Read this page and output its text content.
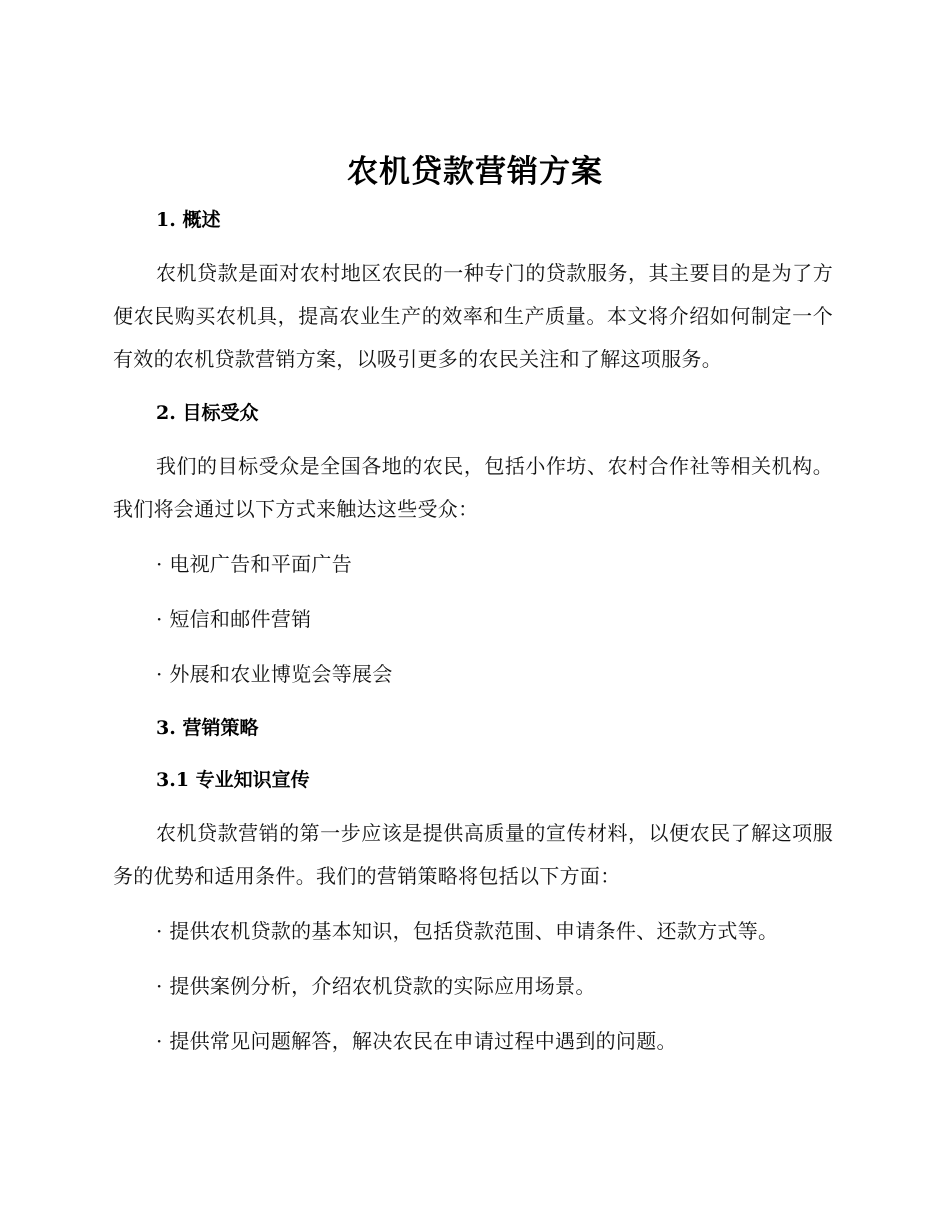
农机贷款营销方案
1. 概述

农机贷款是面对农村地区农民的一种专门的贷款服务，其主要目的是为了方便农民购买农机具，提高农业生产的效率和生产质量。本文将介绍如何制定一个有效的农机贷款营销方案，以吸引更多的农民关注和了解这项服务。

2. 目标受众

我们的目标受众是全国各地的农民，包括小作坊、农村合作社等相关机构。我们将会通过以下方式来触达这些受众：

· 电视广告和平面广告

· 短信和邮件营销

· 外展和农业博览会等展会

3. 营销策略
3.1 专业知识宣传

农机贷款营销的第一步应该是提供高质量的宣传材料，以便农民了解这项服务的优势和适用条件。我们的营销策略将包括以下方面：

· 提供农机贷款的基本知识，包括贷款范围、申请条件、还款方式等。

· 提供案例分析，介绍农机贷款的实际应用场景。

· 提供常见问题解答，解决农民在申请过程中遇到的问题。
